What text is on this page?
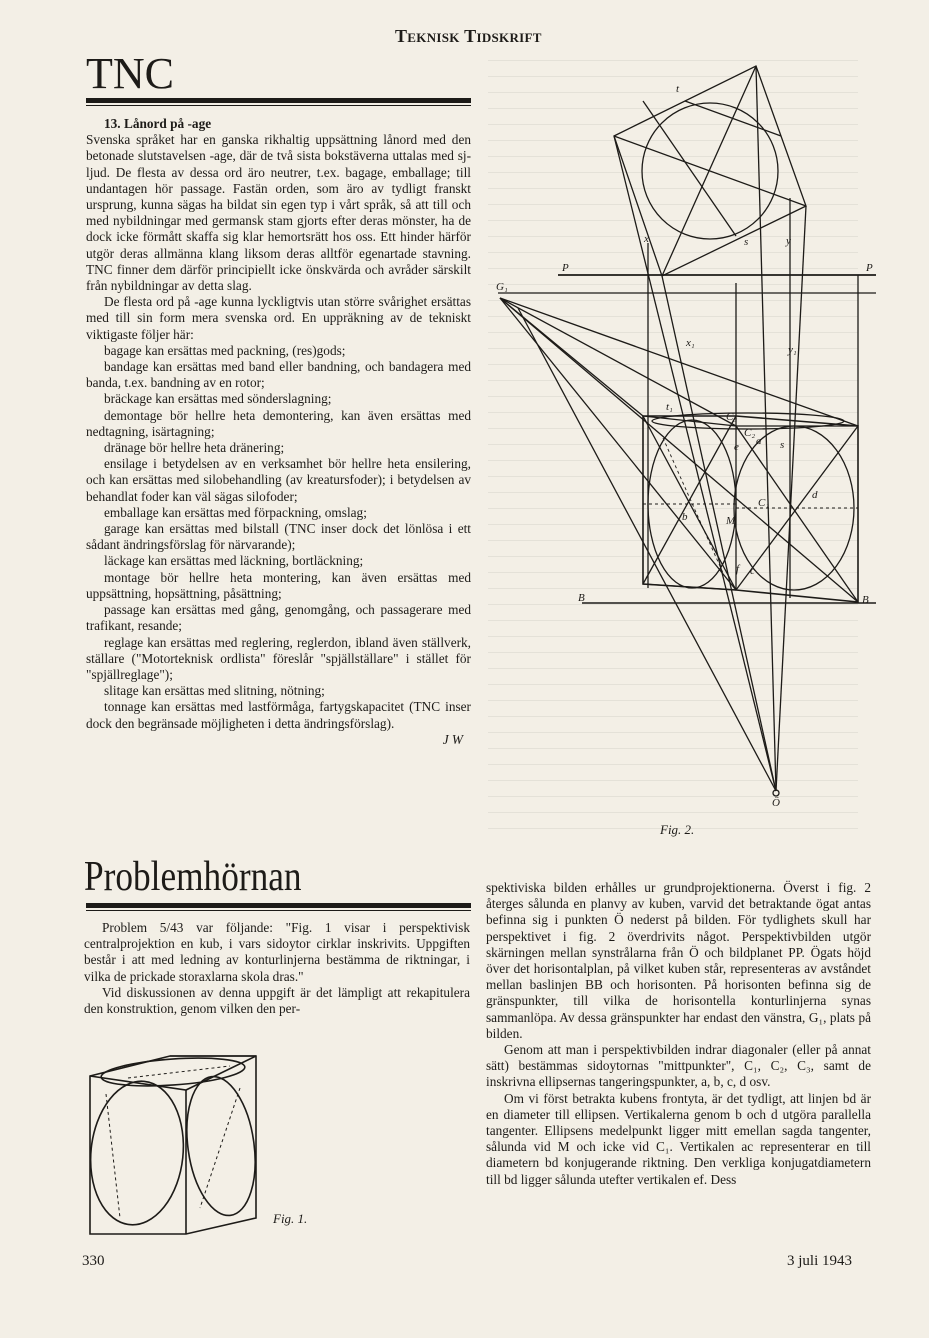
Teknisk Tidskrift
TNC

13. Lånord på -age

Svenska språket har en ganska rikhaltig uppsättning lånord med den betonade slutstavelsen -age, där de två sista bokstäverna uttalas med sj-ljud. De flesta av dessa ord äro neutrer, t.ex. bagage, emballage; till undantagen hör passage. Fastän orden, som äro av tydligt franskt ursprung, kunna sägas ha bildat sin egen typ i vårt språk, så att till och med nybildningar med germansk stam gjorts efter deras mönster, ha de dock icke förmått skaffa sig klar hemortsrätt hos oss. Ett hinder härför utgör deras allmänna klang liksom deras alltför egenartade stavning. TNC finner dem därför principiellt icke önskvärda och avråder särskilt från nybildningar av detta slag.

De flesta ord på -age kunna lyckligtvis utan större svårighet ersättas med till sin form mera svenska ord. En uppräkning av de tekniskt viktigaste följer här:

bagage kan ersättas med packning, (res)gods;

bandage kan ersättas med band eller bandning, och bandagera med banda, t.ex. bandning av en rotor;

bräckage kan ersättas med sönderslagning;

demontage bör hellre heta demontering, kan även ersättas med nedtagning, isärtagning;

dränage bör hellre heta dränering;

ensilage i betydelsen av en verksamhet bör hellre heta ensilering, och kan ersättas med silobehandling (av kreatursfoder); i betydelsen av behandlat foder kan väl sägas silofoder;

emballage kan ersättas med förpackning, omslag;

garage kan ersättas med bilstall (TNC inser dock det lönlösa i ett sådant ändringsförslag för närvarande);

läckage kan ersättas med läckning, bortläckning;

montage bör hellre heta montering, kan även ersättas med uppsättning, hopsättning, påsättning;

passage kan ersättas med gång, genomgång, och passagerare med trafikant, resande;

reglage kan ersättas med reglering, reglerdon, ibland även ställverk, ställare ("Motorteknisk ordlista" föreslår "spjällställare" i stället för "spjällreglage");

slitage kan ersättas med slitning, nötning;

tonnage kan ersättas med lastförmåga, fartygskapacitet (TNC inser dock den begränsade möjligheten i detta ändringsförslag).

J W

Problemhörnan

Problem 5/43 var följande: "Fig. 1 visar i perspektivisk centralprojektion en kub, i vars sidoytor cirklar inskrivits. Uppgiften består i att med ledning av konturlinjerna bestämma de riktningar, i vilka de prickade storaxlarna skola dras."

Vid diskussionen av denna uppgift är det lämpligt att rekapitulera den konstruktion, genom vilken den per-

Fig. 1.
t
x	s	y
P	P
G₁
x₁
y₁
t₁
C₃
C₂
e a s
C₁
M
b
c
d
f
B	B
Ö
Fig. 2.

spektiviska bilden erhålles ur grundprojektionerna. Överst i fig. 2 återges sålunda en planvy av kuben, varvid det betraktande ögat antas befinna sig i punkten Ö nederst på bilden. För tydlighets skull har perspektivet i fig. 2 överdrivits något. Perspektivbilden utgör skärningen mellan synstrålarna från Ö och bildplanet PP. Ögats höjd över det horisontalplan, på vilket kuben står, representeras av avståndet mellan baslinjen BB och horisonten. På horisonten befinna sig de gränspunkter, till vilka de horisontella konturlinjerna synas sammanlöpa. Av dessa gränspunkter har endast den vänstra, G₁, plats på bilden.

Genom att man i perspektivbilden indrar diagonaler (eller på annat sätt) bestämmas sidoytornas "mittpunkter", C₁, C₂, C₃, samt de inskrivna ellipsernas tangeringspunkter, a, b, c, d osv.

Om vi först betrakta kubens frontyta, är det tydligt, att linjen bd är en diameter till ellipsen. Vertikalerna genom b och d utgöra parallella tangenter. Ellipsens medelpunkt ligger mitt emellan sagda tangenter, sålunda vid M och icke vid C₁. Vertikalen ac representerar en till diametern bd konjugerande riktning. Den verkliga konjugatdiametern till bd ligger sålunda utefter vertikalen ef. Dess

330	3 juli 1943
